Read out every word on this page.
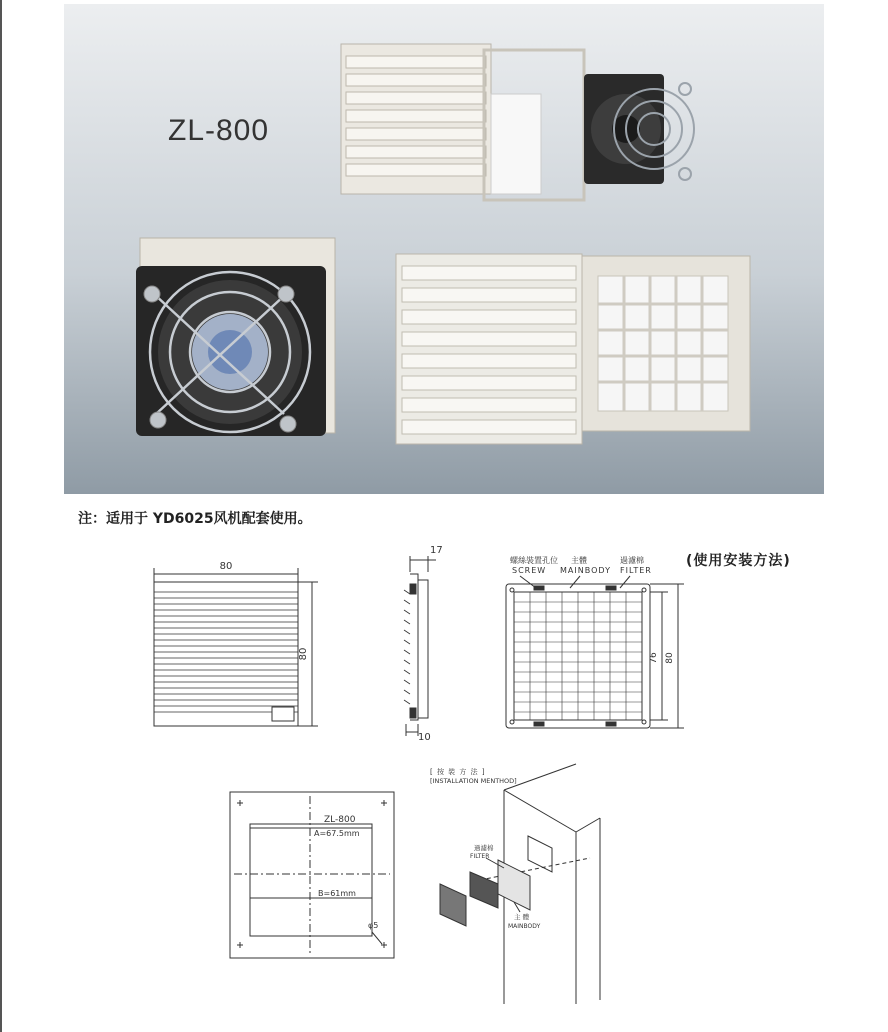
ZL-800
注：适用于 YD6025风机配套使用。
(使用安装方法)
80
80
17
10
螺絲裝置孔位 主體	過濾棉
SCREW MAINBODY FILTER
76 80
ZL-800
A=67.5mm
B=61mm
φ5
[ 按 裝 方 法 ]
[INSTALLATION MENTHOD]
過濾棉
FILTER
主 體
MAINBODY
